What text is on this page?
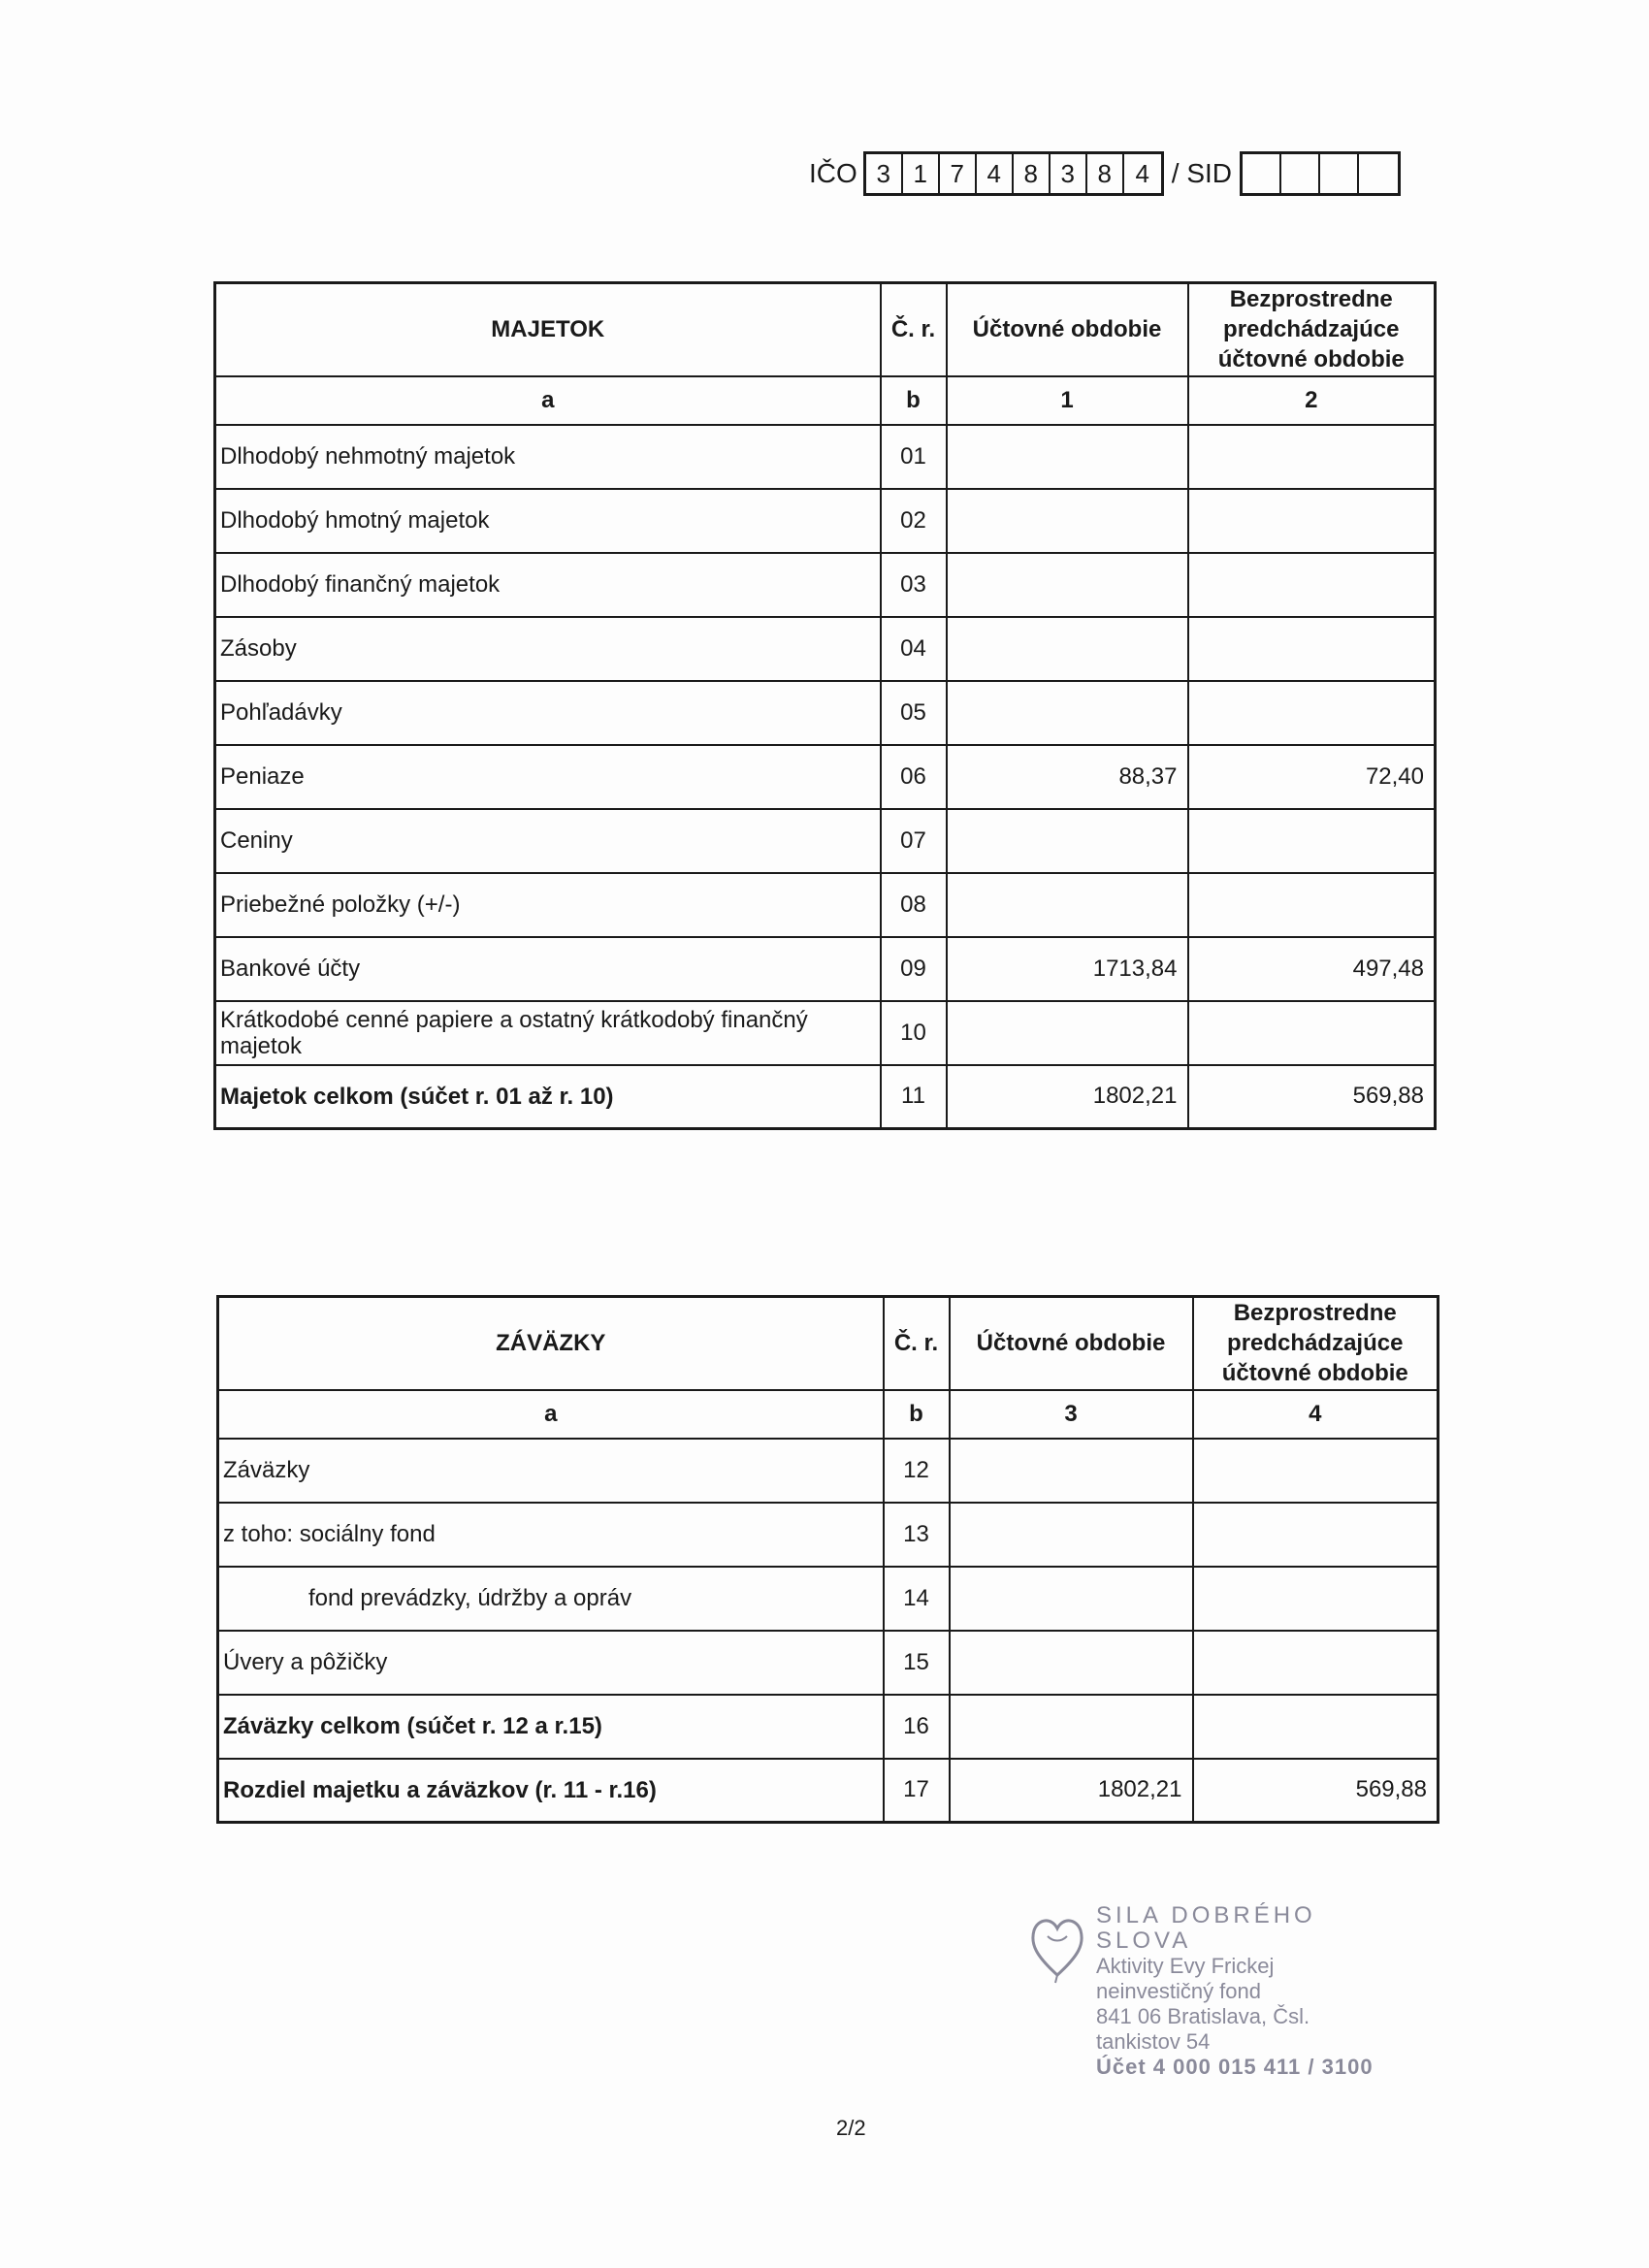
IČO 3 1 7 4 8 3 8 4 / SID
MAJETOK	Č. r.	Účtovné obdobie	Bezprostredne predchádzajúce účtovné obdobie
a	b	1	2
Dlhodobý nehmotný majetok	01		
Dlhodobý hmotný majetok	02		
Dlhodobý finančný majetok	03		
Zásoby	04		
Pohľadávky	05		
Peniaze	06	88,37	72,40
Ceniny	07		
Priebežné položky (+/-)	08		
Bankové účty	09	1713,84	497,48
Krátkodobé cenné papiere a ostatný krátkodobý finančný majetok	10		
Majetok celkom (súčet r. 01 až r. 10)	11	1802,21	569,88
ZÁVÄZKY	Č. r.	Účtovné obdobie	Bezprostredne predchádzajúce účtovné obdobie
a	b	3	4
Záväzky	12		
z toho: sociálny fond	13		
fond prevádzky, údržby a opráv	14		
Úvery a pôžičky	15		
Záväzky celkom (súčet r. 12 a r.15)	16		
Rozdiel majetku a záväzkov (r. 11 - r.16)	17	1802,21	569,88
SILA DOBRÉHO SLOVA
Aktivity Evy Frickej
neinvestičný fond
841 06 Bratislava, Čsl. tankistov 54
Účet 4 000 015 411 / 3100
2/2
